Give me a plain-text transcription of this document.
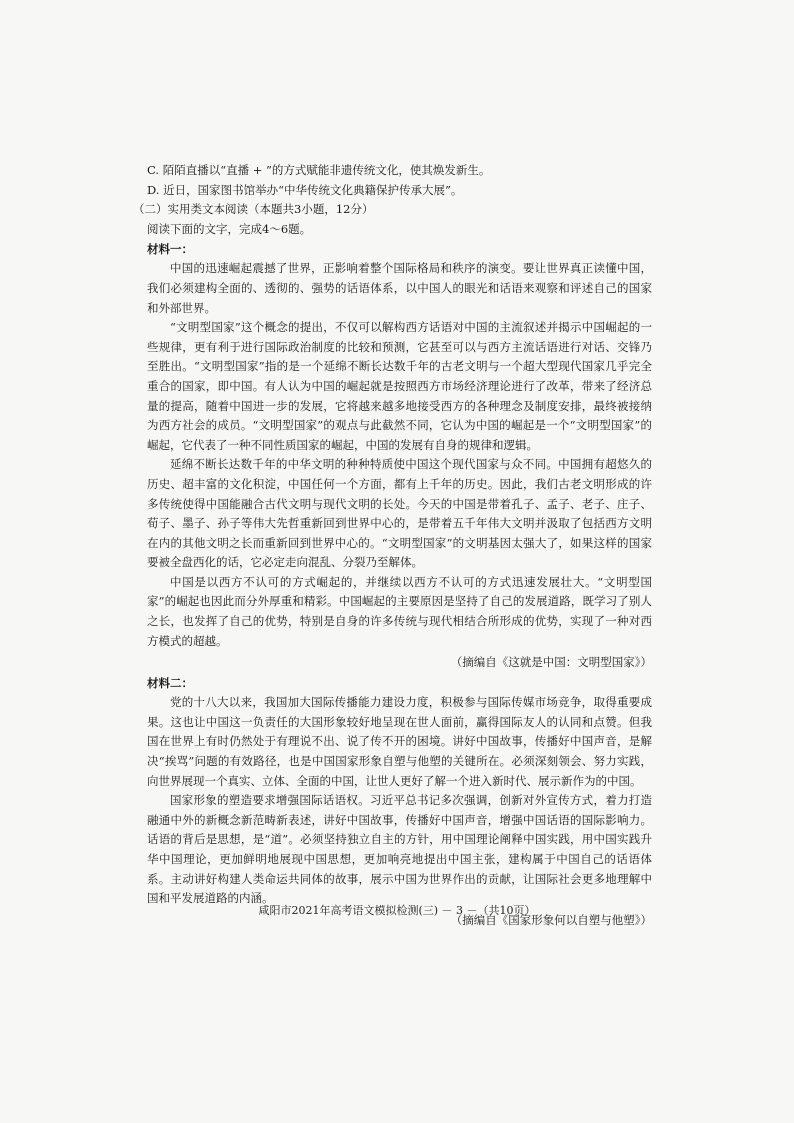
C. 陌陌直播以“直播 + ”的方式赋能非遗传统文化，使其焕发新生。
D. 近日，国家图书馆举办“中华传统文化典籍保护传承大展”。
（二）实用类文本阅读（本题共3小题，12分）
阅读下面的文字，完成4～6题。
材料一：

中国的迅速崛起震撼了世界，正影响着整个国际格局和秩序的演变。要让世界真正读懂中国，我们必须建构全面的、透彻的、强势的话语体系，以中国人的眼光和话语来观察和评述自己的国家和外部世界。

“文明型国家”这个概念的提出，不仅可以解构西方话语对中国的主流叙述并揭示中国崛起的一些规律，更有利于进行国际政治制度的比较和预测，它甚至可以与西方主流话语进行对话、交锋乃至胜出。“文明型国家”指的是一个延绵不断长达数千年的古老文明与一个超大型现代国家几乎完全重合的国家，即中国。有人认为中国的崛起就是按照西方市场经济理论进行了改革，带来了经济总量的提高，随着中国进一步的发展，它将越来越多地接受西方的各种理念及制度安排，最终被接纳为西方社会的成员。“文明型国家”的观点与此截然不同，它认为中国的崛起是一个“文明型国家”的崛起，它代表了一种不同性质国家的崛起，中国的发展有自身的规律和逻辑。

延绵不断长达数千年的中华文明的种种特质使中国这个现代国家与众不同。中国拥有超悠久的历史、超丰富的文化积淀，中国任何一个方面，都有上千年的历史。因此，我们古老文明形成的许多传统使得中国能融合古代文明与现代文明的长处。今天的中国是带着孔子、孟子、老子、庄子、荀子、墨子、孙子等伟大先哲重新回到世界中心的，是带着五千年伟大文明并汲取了包括西方文明在内的其他文明之长而重新回到世界中心的。“文明型国家”的文明基因太强大了，如果这样的国家要被全盘西化的话，它必定走向混乱、分裂乃至解体。

中国是以西方不认可的方式崛起的，并继续以西方不认可的方式迅速发展壮大。“文明型国家”的崛起也因此而分外厚重和精彩。中国崛起的主要原因是坚持了自己的发展道路，既学习了别人之长，也发挥了自己的优势，特别是自身的许多传统与现代相结合所形成的优势，实现了一种对西方模式的超越。

（摘编自《这就是中国：文明型国家》）

材料二：

党的十八大以来，我国加大国际传播能力建设力度，积极参与国际传媒市场竞争，取得重要成果。这也让中国这一负责任的大国形象较好地呈现在世人面前，赢得国际友人的认同和点赞。但我国在世界上有时仍然处于有理说不出、说了传不开的困境。讲好中国故事，传播好中国声音，是解决“挨骂”问题的有效路径，也是中国国家形象自塑与他塑的关键所在。必须深刻领会、努力实践，向世界展现一个真实、立体、全面的中国，让世人更好了解一个进入新时代、展示新作为的中国。

国家形象的塑造要求增强国际话语权。习近平总书记多次强调，创新对外宣传方式，着力打造融通中外的新概念新范畴新表述，讲好中国故事，传播好中国声音，增强中国话语的国际影响力。话语的背后是思想，是“道”。必须坚持独立自主的方针，用中国理论阐释中国实践，用中国实践升华中国理论，更加鲜明地展现中国思想，更加响亮地提出中国主张，建构属于中国自己的话语体系。主动讲好构建人类命运共同体的故事，展示中国为世界作出的贡献，让国际社会更多地理解中国和平发展道路的内涵。

（摘编自《国家形象何以自塑与他塑》）

咸阳市2021年高考语文模拟检测(三) － 3 －（共10页）
